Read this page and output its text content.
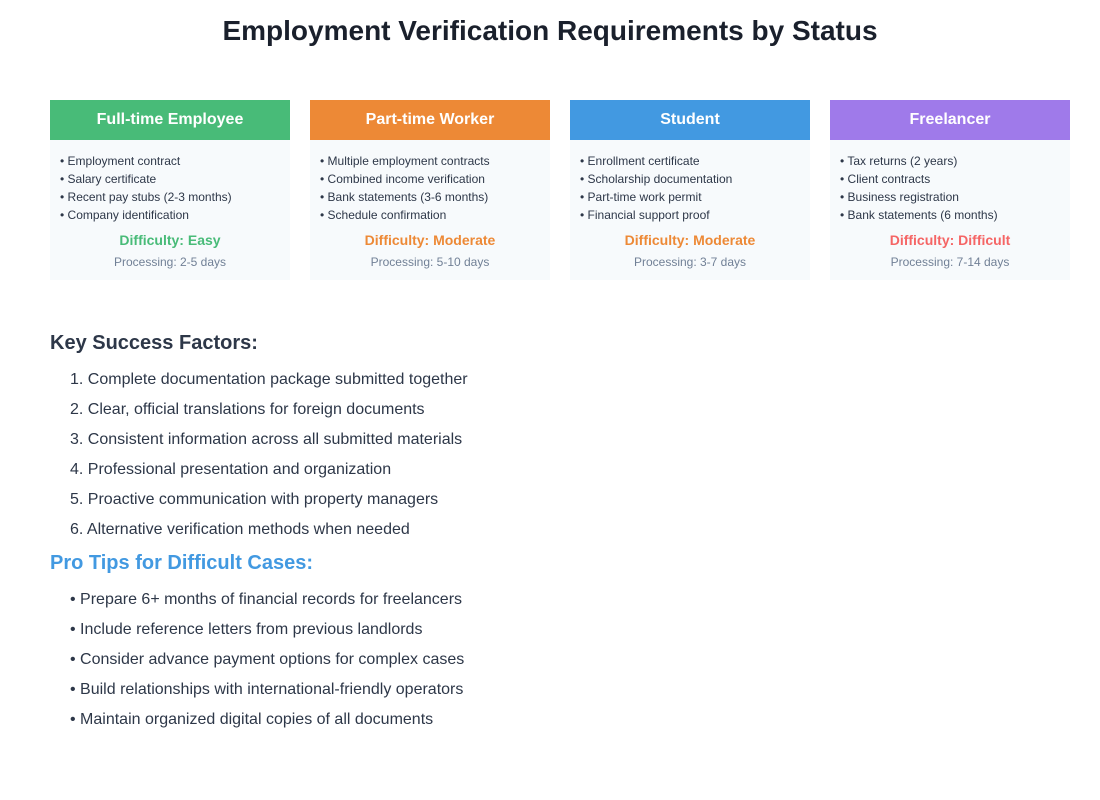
Employment Verification Requirements by Status
Full-time Employee
• Employment contract
• Salary certificate
• Recent pay stubs (2-3 months)
• Company identification
Difficulty: Easy
Processing: 2-5 days
Part-time Worker
• Multiple employment contracts
• Combined income verification
• Bank statements (3-6 months)
• Schedule confirmation
Difficulty: Moderate
Processing: 5-10 days
Student
• Enrollment certificate
• Scholarship documentation
• Part-time work permit
• Financial support proof
Difficulty: Moderate
Processing: 3-7 days
Freelancer
• Tax returns (2 years)
• Client contracts
• Business registration
• Bank statements (6 months)
Difficulty: Difficult
Processing: 7-14 days
Key Success Factors:
1. Complete documentation package submitted together
2. Clear, official translations for foreign documents
3. Consistent information across all submitted materials
4. Professional presentation and organization
5. Proactive communication with property managers
6. Alternative verification methods when needed
Pro Tips for Difficult Cases:
• Prepare 6+ months of financial records for freelancers
• Include reference letters from previous landlords
• Consider advance payment options for complex cases
• Build relationships with international-friendly operators
• Maintain organized digital copies of all documents
